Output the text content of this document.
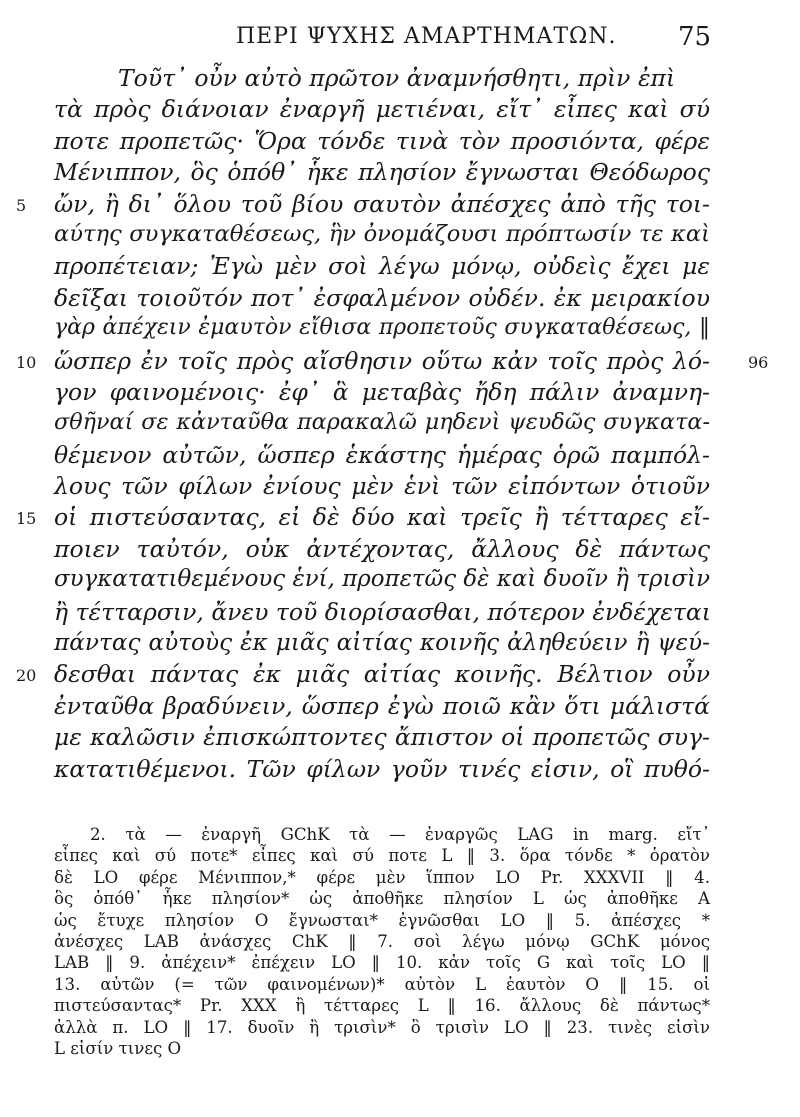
ΠΕΡΙ ΨΥΧΗΣ ΑΜΑΡΤΗΜΑΤΩΝ. 75
Τοῦτ᾽ οὖν αὐτὸ πρῶτον ἀναμνήσθητι, πρὶν ἐπὶ
τὰ πρὸς διάνοιαν ἐναργῆ μετιέναι, εἴτ᾽ εἶπες καὶ σύ
ποτε προπετῶς· Ὅρα τόνδε τινὰ τὸν προσιόντα, φέρε
Μένιππον, ὃς ὁπόθ᾽ ἧκε πλησίον ἔγνωσται Θεόδωρος
5	ὤν, ἢ δι᾽ ὅλου τοῦ βίου σαυτὸν ἀπέσχες ἀπὸ τῆς τοι-
αύτης συγκαταθέσεως, ἣν ὀνομάζουσι πρόπτωσίν τε καὶ
προπέτειαν; Ἐγὼ μὲν σοὶ λέγω μόνῳ, οὐδεὶς ἔχει με
δεῖξαι τοιοῦτόν ποτ᾽ ἐσφαλμένον οὐδέν. ἐκ μειρακίου
γὰρ ἀπέχειν ἐμαυτὸν εἴθισα προπετοῦς συγκαταθέσεως, ‖
10 ὥσπερ ἐν τοῖς πρὸς αἴσθησιν οὕτω κἀν τοῖς πρὸς λό- 96
γον φαινομένοις· ἐφ᾽ ἃ μεταβὰς ἤδη πάλιν ἀναμνη-
σθῆναί σε κἀνταῦθα παρακαλῶ μηδενὶ ψευδῶς συγκατα-
θέμενον αὐτῶν, ὥσπερ ἑκάστης ἡμέρας ὁρῶ παμπόλ-
λους τῶν φίλων ἐνίους μὲν ἑνὶ τῶν εἰπόντων ὁτιοῦν
15 οἱ πιστεύσαντας, εἰ δὲ δύο καὶ τρεῖς ἢ τέτταρες εἴ-
ποιεν ταὐτόν, οὐκ ἀντέχοντας, ἄλλους δὲ πάντως
συγκατατιθεμένους ἑνί, προπετῶς δὲ καὶ δυοῖν ἢ τρισὶν
ἢ τέτταρσιν, ἄνευ τοῦ διορίσασθαι, πότερον ἐνδέχεται
πάντας αὐτοὺς ἐκ μιᾶς αἰτίας κοινῆς ἀληθεύειν ἢ ψεύ-
20 δεσθαι πάντας ἐκ μιᾶς αἰτίας κοινῆς. Βέλτιον οὖν
ἐνταῦθα βραδύνειν, ὥσπερ ἐγὼ ποιῶ κἂν ὅτι μάλιστά
με καλῶσιν ἐπισκώπτοντες ἄπιστον οἱ προπετῶς συγ-
κατατιθέμενοι. Τῶν φίλων γοῦν τινές εἰσιν, οἳ πυθό-
2. τὰ — ἐναργῆ GChK τὰ — ἐναργῶς LAG in marg. εἴτ᾽
εἶπες καὶ σύ ποτε* εἶπες καὶ σύ ποτε L ‖ 3. ὅρα τόνδε * ὁρατὸν
δὲ LO φέρε Μένιππον,* φέρε μὲν ἵππον LO Pr. XXXVII ‖ 4.
ὃς ὁπόθ᾽ ἧκε πλησίον* ὡς ἀποθῆκε πλησίον L ὡς ἀποθῆκε A
ὡς ἔτυχε πλησίον O ἔγνωσται* ἐγνῶσθαι LO ‖ 5. ἀπέσχες *
ἀνέσχες LAB ἀνάσχες ChK ‖ 7. σοὶ λέγω μόνῳ GChK μόνος
LAB ‖ 9. ἀπέχειν* ἐπέχειν LO ‖ 10. κἀν τοῖς G καὶ τοῖς LO ‖
13. αὐτῶν (= τῶν φαινομένων)* αὐτὸν L ἑαυτὸν O ‖ 15. οἱ
πιστεύσαντας* Pr. XXX ἢ τέτταρες L ‖ 16. ἄλλους δὲ πάντως*
ἀλλὰ π. LO ‖ 17. δυοῖν ἢ τρισὶν* ὃ τρισὶν LO ‖ 23. τινὲς εἰσὶν
L εἰσίν τινες O
